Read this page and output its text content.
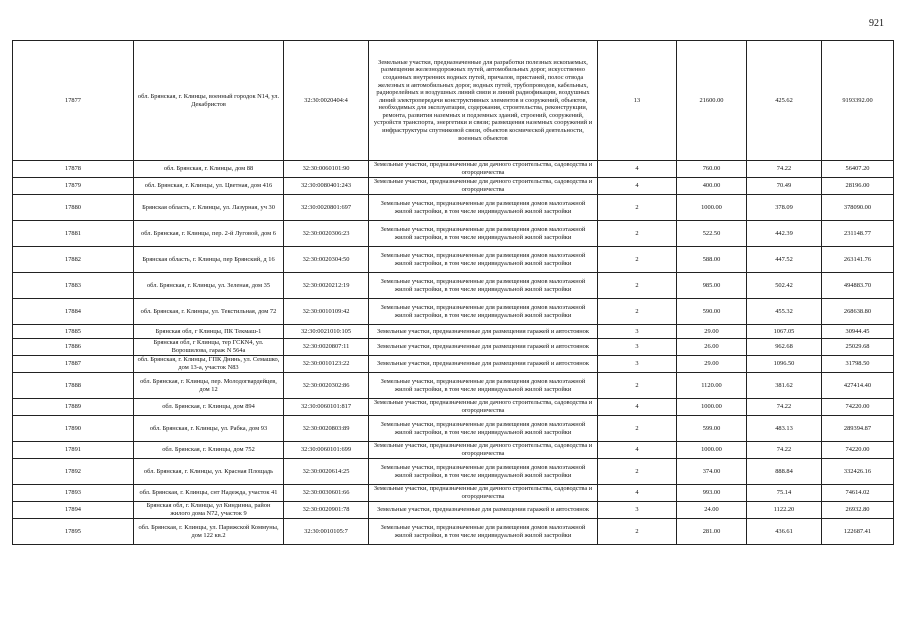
921
17877	обл. Брянская, г. Клинцы, военный городок N14, ул. Декабристов	32:30:0020404:4	Земельные участки, предназначенные для разработки полезных ископаемых, размещения железнодорожных путей, автомобильных дорог, искусственно созданных внутренних водных путей, причалов, пристаней, полос отвода железных и автомобильных дорог, водных путей, трубопроводов, кабельных, радиорелейных и воздушных линий связи и линий радиофикации, воздушных линий электропередачи конструктивных элементов и сооружений, объектов, необходимых для эксплуатации, содержания, строительства, реконструкции, ремонта, развития наземных и подземных зданий, строений, сооружений, устройств транспорта, энергетики и связи; размещения наземных сооружений и инфраструктуры спутниковой связи, объектов космической деятельности, военных объектов	13	21600.00	425.62	9193392.00
17878	обл. Брянская, г. Клинцы, дом 88	32:30:0060101:90	Земельные участки, предназначенные для дачного строительства, садоводства и огородничества	4	760.00	74.22	56407.20
17879	обл. Брянская, г. Клинцы, ул. Цветная, дом 416	32:30:0080401:243	Земельные участки, предназначенные для дачного строительства, садоводства и огородничества	4	400.00	70.49	28196.00
17880	Брянская область, г. Клинцы, ул. Лазурная, уч 30	32:30:0020801:697	Земельные участки, предназначенные для размещения домов малоэтажной жилой застройки, в том числе индивидуальной жилой застройки	2	1000.00	378.09	378090.00
17881	обл. Брянская, г. Клинцы, пер. 2-й Луговой, дом 6	32:30:0020306:23	Земельные участки, предназначенные для размещения домов малоэтажной жилой застройки, в том числе индивидуальной жилой застройки	2	522.50	442.39	231148.77
17882	Брянская область, г. Клинцы, пер Брянский, д 16	32:30:0020304:50	Земельные участки, предназначенные для размещения домов малоэтажной жилой застройки, в том числе индивидуальной жилой застройки	2	588.00	447.52	263141.76
17883	обл. Брянская, г. Клинцы, ул. Зеленая, дом 35	32:30:0020212:19	Земельные участки, предназначенные для размещения домов малоэтажной жилой застройки, в том числе индивидуальной жилой застройки	2	985.00	502.42	494883.70
17884	обл. Брянская, г. Клинцы, ул. Текстильная, дом 72	32:30:0010109:42	Земельные участки, предназначенные для размещения домов малоэтажной жилой застройки, в том числе индивидуальной жилой застройки	2	590.00	455.32	268638.80
17885	Брянская обл, г Клинцы, ПК Текмаш-1	32:30:0021010:105	Земельные участки, предназначенные для размещения гаражей и автостоянок	3	29.00	1067.05	30944.45
17886	Брянская обл, г Клинцы, тер ГСКN4, ул. Ворошилова, гараж N 564а	32:30:0020807:11	Земельные участки, предназначенные для размещения гаражей и автостоянок	3	26.00	962.68	25029.68
17887	обл. Брянская, г. Клинцы, ГПК Днинь, ул. Семашко, дом 13-а, участок N83	32:30:0010123:22	Земельные участки, предназначенные для размещения гаражей и автостоянок	3	29.00	1096.50	31798.50
17888	обл. Брянская, г. Клинцы, пер. Молодогвардейцев, дом 12	32:30:0020302:86	Земельные участки, предназначенные для размещения домов малоэтажной жилой застройки, в том числе индивидуальной жилой застройки	2	1120.00	381.62	427414.40
17889	обл. Брянская, г. Клинцы, дом 894	32:30:0060101:817	Земельные участки, предназначенные для дачного строительства, садоводства и огородничества	4	1000.00	74.22	74220.00
17890	обл. Брянская, г. Клинцы, ул. Рабка, дом 93	32:30:0020803:89	Земельные участки, предназначенные для размещения домов малоэтажной жилой застройки, в том числе индивидуальной жилой застройки	2	599.00	483.13	289394.87
17891	обл. Брянская, г. Клинцы, дом 752	32:30:0060101:699	Земельные участки, предназначенные для дачного строительства, садоводства и огородничества	4	1000.00	74.22	74220.00
17892	обл. Брянская, г. Клинцы, ул. Красная Площадь	32:30:0020614:25	Земельные участки, предназначенные для размещения домов малоэтажной жилой застройки, в том числе индивидуальной жилой застройки	2	374.00	888.84	332426.16
17893	обл. Брянская, г. Клинцы, снт Надежда, участок 41	32:30:0030601:66	Земельные участки, предназначенные для дачного строительства, садоводства и огородничества	4	993.00	75.14	74614.02
17894	Брянская обл, г. Клинцы, ул Киндинна, район жилого дома N72, участок 9	32:30:0020901:78	Земельные участки, предназначенные для размещения гаражей и автостоянок	3	24.00	1122.20	26932.80
17895	обл. Брянская, г. Клинцы, ул. Парижской Коммуны, дом 122 кв.2	32:30:0010105:7	Земельные участки, предназначенные для размещения домов малоэтажной жилой застройки, в том числе индивидуальной жилой застройки	2	281.00	436.61	122687.41
